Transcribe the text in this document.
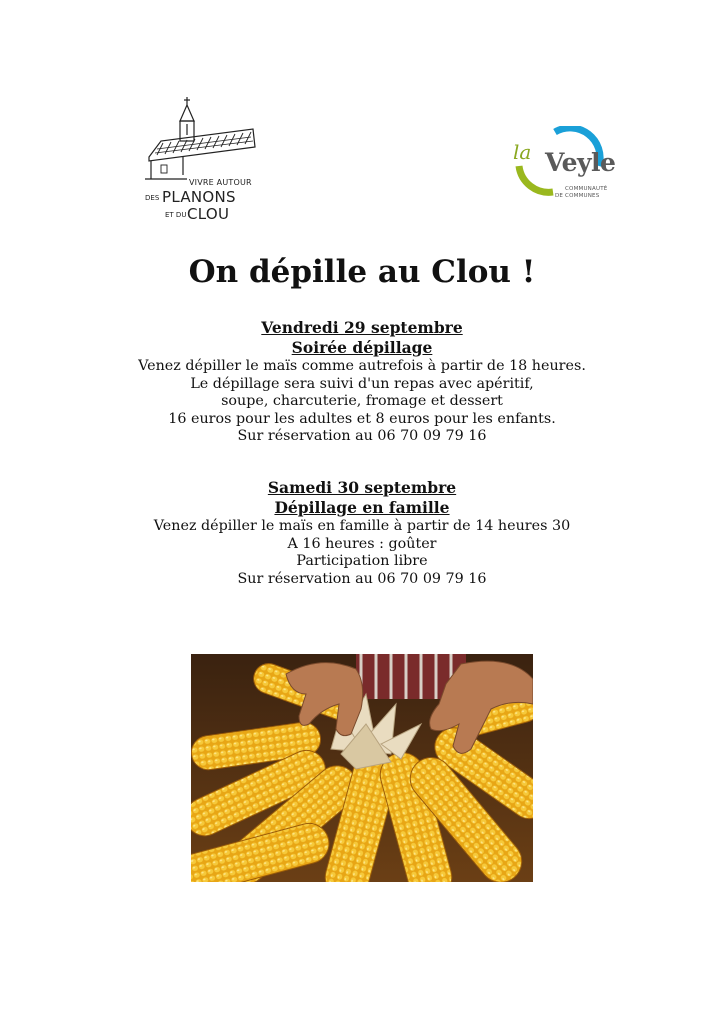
VIVRE AUTOUR
DES PLANONS
ET DU CLOU
la Veyle
COMMUNAUTÉ
DE COMMUNES
On dépille au Clou !
Vendredi 29 septembre
Soirée dépillage
Venez dépiller le maïs comme autrefois à partir de 18 heures.
Le dépillage sera suivi d'un repas avec apéritif,
soupe, charcuterie, fromage et dessert
16 euros pour les adultes et 8 euros pour les enfants.
Sur réservation au 06 70 09 79 16
Samedi 30 septembre
Dépillage en famille
Venez dépiller le maïs en famille à partir de 14 heures 30
A 16 heures : goûter
Participation libre
Sur réservation au 06 70 09 79 16
